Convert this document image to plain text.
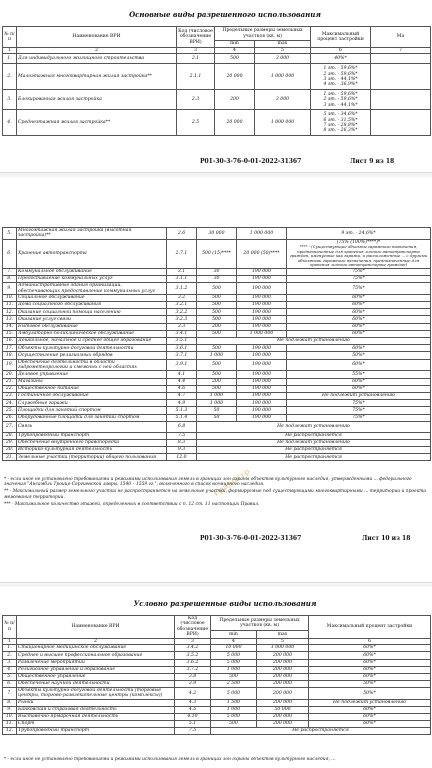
Основные виды разрешенного использования
№ п/п	Наименование ВРИ	Код (числовое обозначение ВРИ)	Предельные размеры земельных участков (кв. м)		Максимальный процент застройки	Ма
			min	max		
1	2	3	4	5	6	7
1.	Для индивидуального жилищного строительства	2.1	500	3 000	40%*	
2.	Малоэтажная многоквартирная жилая застройка**	2.1.1	20 000	1 000 000	1 эт. - 59,6%*
2 эт. - 59,6%*
3 эт. - 44,1%*
4 эт. - 36,9%*	
3.	Блокированная жилая застройка	2.3	200	3 000	1 эт. - 59,6%*
2 эт. - 59,6%*
3 эт. - 44,1%*	
4.	Среднеэтажная жилая застройка**	2.5	20 000	1 000 000	5 эт. - 34,6%*
6 эт. - 31,5%*
7 эт. - 28,8%*
8 эт. - 26,3%*	
Р01-30-3-76-0-01-2022-31367	Лист 9 из 18
5.	Многоэтажная жилая застройка (высотная застройка)**	2.6	30 000	1 000 000	9 эт. - 24,6%*
6.	Хранение автотранспорта	2.7.1	500 (15)****	20 000 (50)****	(75% (100%)****)*
**** - (Существующие объекты гаражного назначения, предназначенные для хранения личного автотранспорта граждан, именуемые как гаражи, и расположенные ... с другими объектами гаражного назначения, предназначенные для хранения личного автотранспорта граждан)

7.	Коммунальное обслуживание	3.1	30	190 000	75%*
8.	Предоставление коммунальных услуг	3.1.1	30	190 000	75%*
9.	Административные здания организаций, обеспечивающих предоставление коммунальных услуг	3.1.2	500	190 000	75%*
10.	Социальное обслуживание	3.2	500	190 000	60%*
11.	Дома социального обслуживания	3.2.1	500	190 000	60%*
12.	Оказание социальной помощи населению	3.2.2	500	190 000	60%*
13.	Оказание услуг связи	3.2.3	500	190 000	60%*
14.	Бытовое обслуживание	3.3	200	190 000	60%*
15.	Амбулаторно-поликлиническое обслуживание	3.4.1	500	1 000 000	60%*
16.	Дошкольное, начальное и среднее общее образование	3.5.1	Не подлежат установлению		
17.	Объекты культурно-досуговой деятельности	3.6.1	500	190 000	60%*
18.	Осуществление религиозных обрядов	3.7.1	1 000	190 000	50%*
19.	Обеспечение деятельности в области гидрометеорологии и смежных с ней областях	3.9.1	500	190 000	60%*
20.	Деловое управление	4.1	500	190 000	55%*
21.	Магазины	4.4	200	190 000	60%*
22.	Общественное питание	4.6	500	190 000	60%*
23.	Гостиничное обслуживание	4.7	1 000	190 000	Не подлежит установлению
24.	Служебные гаражи	4.9	1 000	190 000	75%*
25.	Площадки для занятий спортом	5.1.3	50	190 000	75%*
26.	Оборудованные площадки для занятий спортом	5.1.4	50	190 000	75%*
27.	Связь	6.8	Не подлежат установлению		
28.	Трубопроводный транспорт	7.5	Не распространяется		
29.	Обеспечение внутреннего правопорядка	8.3	Не подлежат установлению		
30.	Историко-культурная деятельность	9.3	Не распространяется		
31.	Земельные участки (территории) общего пользования	12.0	Не распространяется		
Градостр
* - если иное не установлено требованиями и режимами использования земель в границах зон охраны объектов культурного наследия, утвержденными ... федерального значения "Ансамбль Троице-Сергиевской лавры, 1540 – 1559 гг.", включенного в список всемирного наследия.
** - Максимальный размер земельного участка не распространяется на земельные участки, формируемые под существующими многоквартирными ... территории и проекта межевания территории.
*** - Максимальное количество этажей, определенных в соответствии с п. 12 ст. 11 настоящих Правил.
Р01-30-3-76-0-01-2022-31367	Лист 10 из 18
Условно разрешенные виды использования
№ п/п	Наименование ВРИ	Код (числовое обозначение ВРИ)	Предельные размеры земельных участков (кв. м)		Максимальный процент застройки
			min	max	
1	2	3	4	5	6
1.	Стационарное медицинское обслуживание	3.4.2	10 000	1 000 000	60%*
2.	Среднее и высшее профессиональное образование	3.5.2	5 000	200 000	60%*
3.	Развлечение мероприятий	3.6.2	5 000	200 000	60%*
4.	Религиозное управление и образование	3.7.2	1 000	200 000	60%*
5.	Общественное управление	3.8	500	200 000	60%*
6.	Обеспечение научной деятельности	3.9	2 500	200 000	50%*
7.	Объекты культурно-досуговой деятельности (торговые центры, торгово-развлекательные центры (комплексы))	4.2	5 000	200 000	50%*
8.	Рынки	4.3	1 500	200 000	Не подлежит установлению
9.	Банковская и страховая деятельность	4.5	1 000	50 000	60%*
10.	Выставочно-ярмарочная деятельность	4.10	5 000	200 000	60%*
11.	Спорт	5.1	500	200 000	60%*
12.	Трубопроводный транспорт	7.5	Не распространяется		
* - если иное не установлено требованиями и режимами использования земель в границах зон охраны объектов культурного наследия, ...
